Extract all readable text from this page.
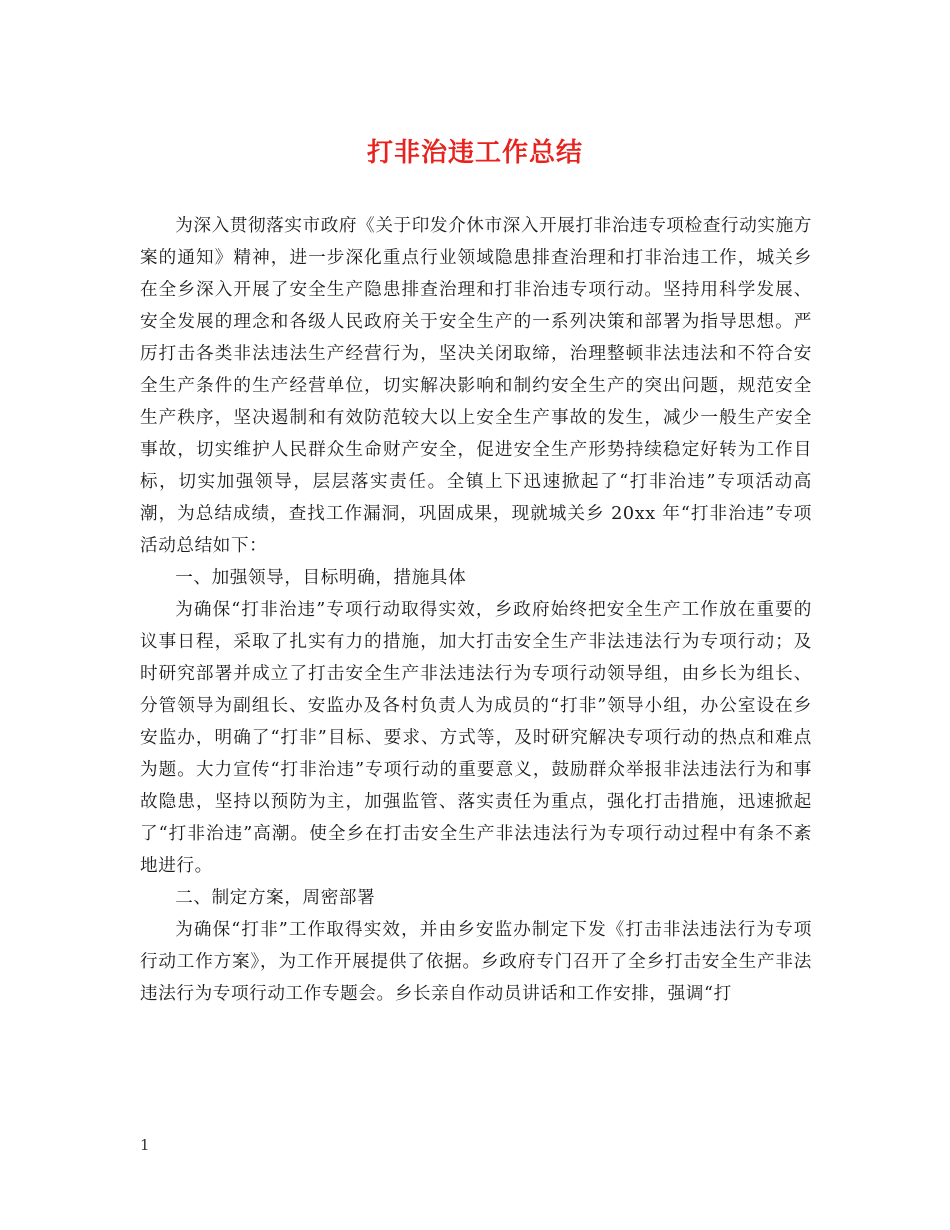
打非治违工作总结

为深入贯彻落实市政府《关于印发介休市深入开展打非治违专项检查行动实施方案的通知》精神，进一步深化重点行业领域隐患排查治理和打非治违工作，城关乡在全乡深入开展了安全生产隐患排查治理和打非治违专项行动。坚持用科学发展、安全发展的理念和各级人民政府关于安全生产的一系列决策和部署为指导思想。严厉打击各类非法违法生产经营行为，坚决关闭取缔，治理整顿非法违法和不符合安全生产条件的生产经营单位，切实解决影响和制约安全生产的突出问题，规范安全生产秩序，坚决遏制和有效防范较大以上安全生产事故的发生，减少一般生产安全事故，切实维护人民群众生命财产安全，促进安全生产形势持续稳定好转为工作目标，切实加强领导，层层落实责任。全镇上下迅速掀起了“打非治违”专项活动高潮，为总结成绩，查找工作漏洞，巩固成果，现就城关乡 20xx 年“打非治违”专项活动总结如下：

一、加强领导，目标明确，措施具体

为确保“打非治违”专项行动取得实效，乡政府始终把安全生产工作放在重要的议事日程，采取了扎实有力的措施，加大打击安全生产非法违法行为专项行动；及时研究部署并成立了打击安全生产非法违法行为专项行动领导组，由乡长为组长、分管领导为副组长、安监办及各村负责人为成员的“打非”领导小组，办公室设在乡安监办，明确了“打非”目标、要求、方式等，及时研究解决专项行动的热点和难点为题。大力宣传“打非治违”专项行动的重要意义，鼓励群众举报非法违法行为和事故隐患，坚持以预防为主，加强监管、落实责任为重点，强化打击措施，迅速掀起了“打非治违”高潮。使全乡在打击安全生产非法违法行为专项行动过程中有条不紊地进行。

二、制定方案，周密部署

为确保“打非”工作取得实效，并由乡安监办制定下发《打击非法违法行为专项行动工作方案》，为工作开展提供了依据。乡政府专门召开了全乡打击安全生产非法违法行为专项行动工作专题会。乡长亲自作动员讲话和工作安排，强调“打

1
